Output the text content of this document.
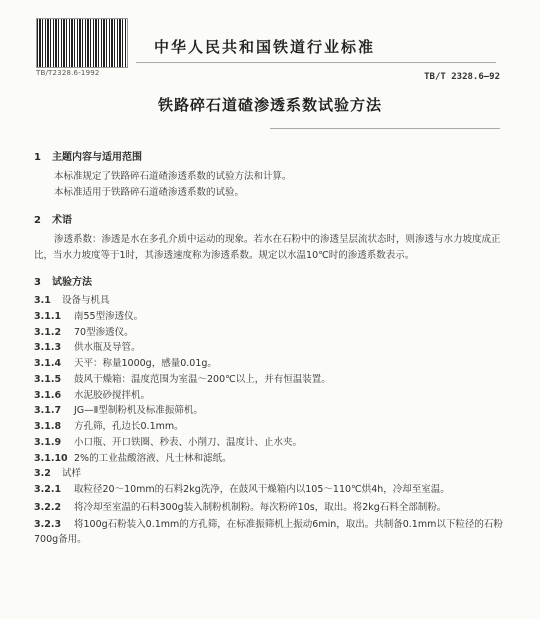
TB/T2328.6-1992
中华人民共和国铁道行业标准
TB/T 2328.6—92
铁路碎石道碴渗透系数试验方法
1 主题内容与适用范围
本标准规定了铁路碎石道碴渗透系数的试验方法和计算。
本标准适用于铁路碎石道碴渗透系数的试验。
2 术语
渗透系数：渗透是水在多孔介质中运动的现象。若水在石粉中的渗透呈层流状态时，则渗透与水力坡度成正比，当水力坡度等于1时，其渗透速度称为渗透系数。规定以水温10℃时的渗透系数表示。
3 试验方法
3.1	设备与机具
3.1.1	南55型渗透仪。
3.1.2	70型渗透仪。
3.1.3	供水瓶及导管。
3.1.4	天平：称量1000g，感量0.01g。
3.1.5	鼓风干燥箱：温度范围为室温～200℃以上，并有恒温装置。
3.1.6	水泥胶砂搅拌机。
3.1.7	JG—Ⅱ型制粉机及标准振筛机。
3.1.8	方孔筛，孔边长0.1mm。
3.1.9	小口瓶、开口铁圈、秒表、小削刀、温度计、止水夹。
3.1.10 2%的工业盐酸溶液、凡士林和滤纸。
3.2	试样
3.2.1 取粒径20～10mm的石料2kg洗净，在鼓风干燥箱内以105～110℃烘4h，冷却至室温。
3.2.2 将冷却至室温的石料300g装入制粉机制粉。每次粉碎10s，取出。将2kg石料全部制粉。
3.2.3 将100g石粉装入0.1mm的方孔筛，在标准振筛机上振动6min，取出。共制备0.1mm以下粒径的石粉700g备用。
